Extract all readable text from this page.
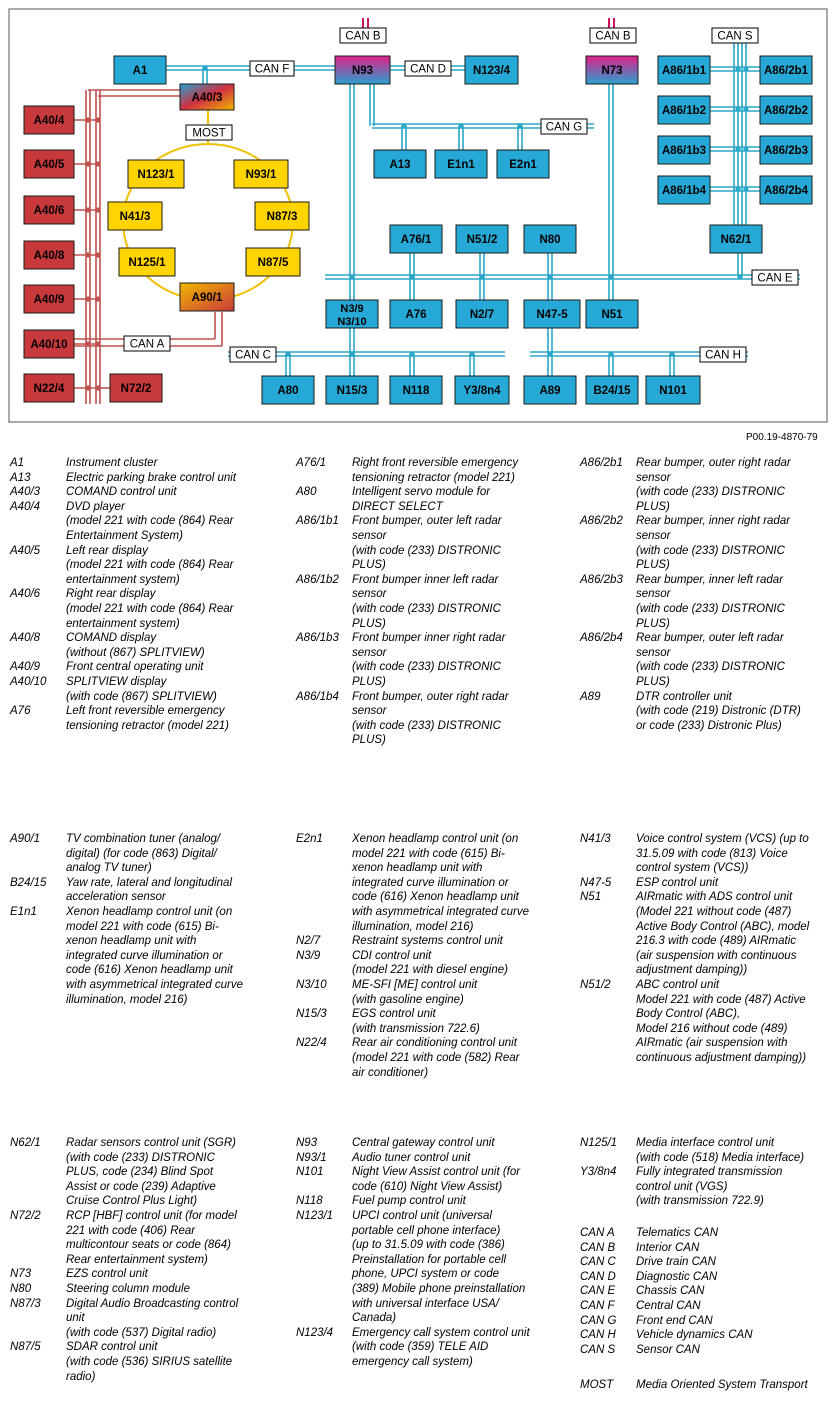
A1	N93	N123/4	N73	A86/1b1	A86/2b1
A86/1b2	A86/2b2
A86/1b3	A86/2b3
A86/1b4	A86/2b4
A40/3
A40/4
A40/5
A40/6
A40/8
A40/9
A40/10
N22/4	N72/2
A13	E1n1	E2n1
N123/1	N93/1
N41/3	N87/3
N125/1	N87/5
A90/1
A76/1	N51/2	N80	N62/1
N3/9
N3/10
A76	N2/7	N47-5	N51
A80	N15/3	N118	Y3/8n4	A89	B24/15 N101
CAN B	CAN B	CAN S
CAN F	CAN D
CAN G
MOST
CAN E
CAN A
CAN C	CAN H
P00.19-4870-79
A1	Instrument cluster
A13	Electric parking brake control unit
A40/3	COMAND control unit
A40/4	DVD player
(model 221 with code (864) Rear
Entertainment System)
A40/5	Left rear display
(model 221 with code (864) Rear
entertainment system)
A40/6	Right rear display
(model 221 with code (864) Rear
entertainment system)
A40/8	COMAND display
(without (867) SPLITVIEW)
A40/9	Front central operating unit
A40/10	SPLITVIEW display
(with code (867) SPLITVIEW)
A76	Left front reversible emergency
tensioning retractor (model 221)
A76/1	Right front reversible emergency
tensioning retractor (model 221)
A80	Intelligent servo module for
DIRECT SELECT
A86/1b1	Front bumper, outer left radar
sensor
(with code (233) DISTRONIC
PLUS)
A86/1b2	Front bumper inner left radar
sensor
(with code (233) DISTRONIC
PLUS)
A86/1b3	Front bumper inner right radar
sensor
(with code (233) DISTRONIC
PLUS)
A86/1b4	Front bumper, outer right radar
sensor
(with code (233) DISTRONIC
PLUS)
A86/2b1	Rear bumper, outer right radar
sensor
(with code (233) DISTRONIC
PLUS)
A86/2b2	Rear bumper, inner right radar
sensor
(with code (233) DISTRONIC
PLUS)
A86/2b3	Rear bumper, inner left radar
sensor
(with code (233) DISTRONIC
PLUS)
A86/2b4	Rear bumper, outer left radar
sensor
(with code (233) DISTRONIC
PLUS)
A89	DTR controller unit
(with code (219) Distronic (DTR)
or code (233) Distronic Plus)
A90/1	TV combination tuner (analog/
digital) (for code (863) Digital/
analog TV tuner)
B24/15	Yaw rate, lateral and longitudinal
acceleration sensor
E1n1	Xenon headlamp control unit (on
model 221 with code (615) Bi-
xenon headlamp unit with
integrated curve illumination or
code (616) Xenon headlamp unit
with asymmetrical integrated curve
illumination, model 216)
E2n1	Xenon headlamp control unit (on
model 221 with code (615) Bi-
xenon headlamp unit with
integrated curve illumination or
code (616) Xenon headlamp unit
with asymmetrical integrated curve
illumination, model 216)
N2/7	Restraint systems control unit
N3/9	CDI control unit
(model 221 with diesel engine)
N3/10	ME-SFI [ME] control unit
(with gasoline engine)
N15/3	EGS control unit
(with transmission 722.6)
N22/4	Rear air conditioning control unit
(model 221 with code (582) Rear
air conditioner)
N41/3	Voice control system (VCS) (up to
31.5.09 with code (813) Voice
control system (VCS))
N47-5	ESP control unit
N51	AIRmatic with ADS control unit
(Model 221 without code (487)
Active Body Control (ABC), model
216.3 with code (489) AIRmatic
(air suspension with continuous
adjustment damping))
N51/2	ABC control unit
Model 221 with code (487) Active
Body Control (ABC),
Model 216 without code (489)
AIRmatic (air suspension with
continuous adjustment damping))
N62/1	Radar sensors control unit (SGR)
(with code (233) DISTRONIC
PLUS, code (234) Blind Spot
Assist or code (239) Adaptive
Cruise Control Plus Light)
N72/2	RCP [HBF] control unit (for model
221 with code (406) Rear
multicontour seats or code (864)
Rear entertainment system)
N73	EZS control unit
N80	Steering column module
N87/3	Digital Audio Broadcasting control
unit
(with code (537) Digital radio)
N87/5	SDAR control unit
(with code (536) SIRIUS satellite
radio)
N93	Central gateway control unit
N93/1	Audio tuner control unit
N101	Night View Assist control unit (for
code (610) Night View Assist)
N118	Fuel pump control unit
N123/1	UPCI control unit (universal
portable cell phone interface)
(up to 31.5.09 with code (386)
Preinstallation for portable cell
phone, UPCI system or code
(389) Mobile phone preinstallation
with universal interface USA/
Canada)
N123/4	Emergency call system control unit
(with code (359) TELE AID
emergency call system)
N125/1	Media interface control unit
(with code (518) Media interface)
Y3/8n4	Fully integrated transmission
control unit (VGS)
(with transmission 722.9)
CAN A	Telematics CAN
CAN B	Interior CAN
CAN C	Drive train CAN
CAN D	Diagnostic CAN
CAN E	Chassis CAN
CAN F	Central CAN
CAN G	Front end CAN
CAN H	Vehicle dynamics CAN
CAN S	Sensor CAN
MOST	Media Oriented System Transport
